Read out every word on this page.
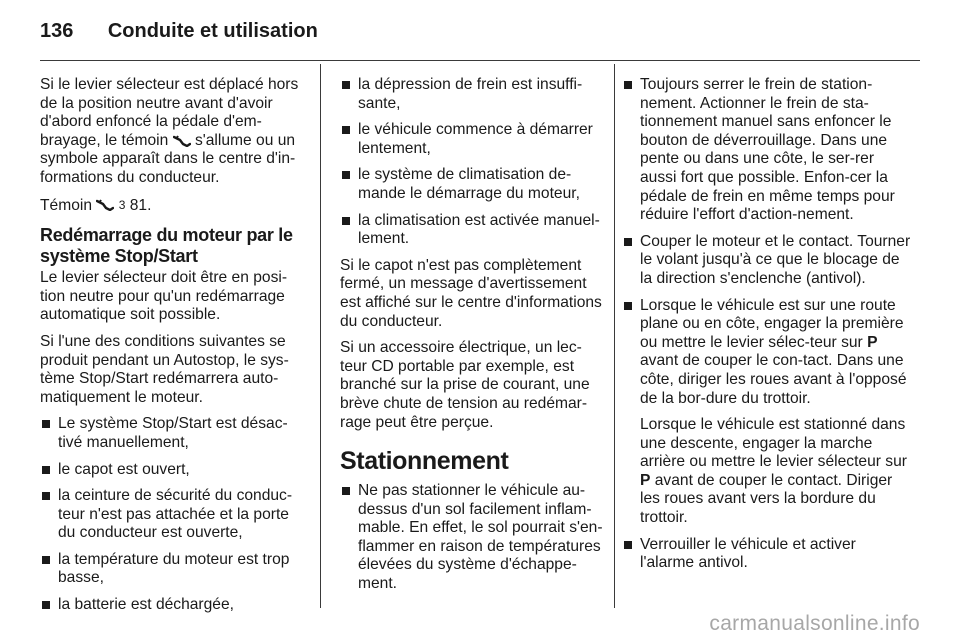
136 Conduite et utilisation

Si le levier sélecteur est déplacé hors de la position neutre avant d'avoir d'abord enfoncé la pédale d'em-brayage, le témoin s'allume ou un symbole apparaît dans le centre d'in-formations du conducteur.

Témoin 3 81.

Redémarrage du moteur par le système Stop/Start

Le levier sélecteur doit être en posi-tion neutre pour qu'un redémarrage automatique soit possible.

Si l'une des conditions suivantes se produit pendant un Autostop, le sys-tème Stop/Start redémarrera auto-matiquement le moteur.

Le système Stop/Start est désac-tivé manuellement,
le capot est ouvert,
la ceinture de sécurité du conduc-teur n'est pas attachée et la porte du conducteur est ouverte,
la température du moteur est trop basse,
la batterie est déchargée,
la dépression de frein est insuffi-sante,
le véhicule commence à démarrer lentement,
le système de climatisation de-mande le démarrage du moteur,
la climatisation est activée manuel-lement.

Si le capot n'est pas complètement fermé, un message d'avertissement est affiché sur le centre d'informations du conducteur.

Si un accessoire électrique, un lec-teur CD portable par exemple, est branché sur la prise de courant, une brève chute de tension au redémar-rage peut être perçue.

Stationnement
Ne pas stationner le véhicule au-dessus d'un sol facilement inflam-mable. En effet, le sol pourrait s'en-flammer en raison de températures élevées du système d'échappe-ment.
Toujours serrer le frein de station-nement. Actionner le frein de sta-tionnement manuel sans enfoncer le bouton de déverrouillage. Dans une pente ou dans une côte, le ser-rer aussi fort que possible. Enfon-cer la pédale de frein en même temps pour réduire l'effort d'action-nement.
Couper le moteur et le contact. Tourner le volant jusqu'à ce que le blocage de la direction s'enclenche (antivol).
Lorsque le véhicule est sur une route plane ou en côte, engager la première ou mettre le levier sélec-teur sur P avant de couper le con-tact. Dans une côte, diriger les roues avant à l'opposé de la bor-dure du trottoir.
Lorsque le véhicule est stationné dans une descente, engager la marche arrière ou mettre le levier sélecteur sur P avant de couper le contact. Diriger les roues avant vers la bordure du trottoir.
Verrouiller le véhicule et activer l'alarme antivol.
carmanualsonline.info
